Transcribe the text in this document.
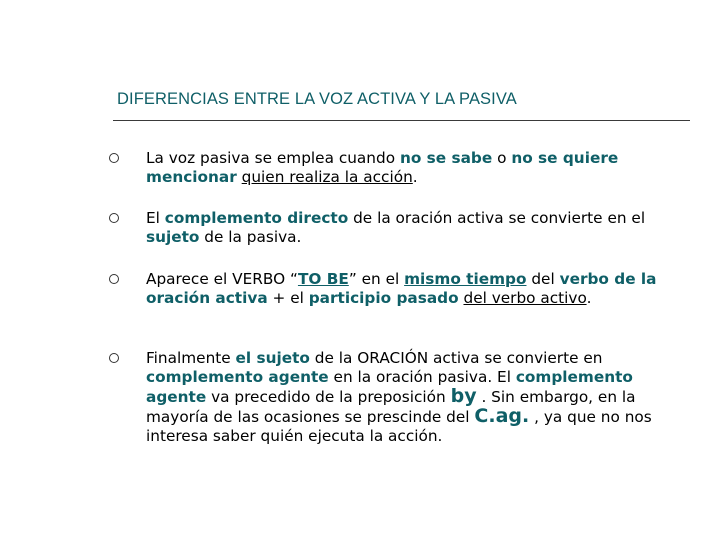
DIFERENCIAS ENTRE LA VOZ ACTIVA Y LA PASIVA
La voz pasiva se emplea cuando no se sabe o no se quiere mencionar quien realiza la acción.
El complemento directo de la oración activa se convierte en el sujeto de la pasiva.
Aparece el VERBO “TO BE” en el mismo tiempo del verbo de la oración activa + el participio pasado del verbo activo.
Finalmente el sujeto de la ORACIÓN activa se convierte en complemento agente en la oración pasiva. El complemento agente va precedido de la preposición by . Sin embargo, en la mayoría de las ocasiones se prescinde del C.ag. , ya que no nos interesa saber quién ejecuta la acción.
